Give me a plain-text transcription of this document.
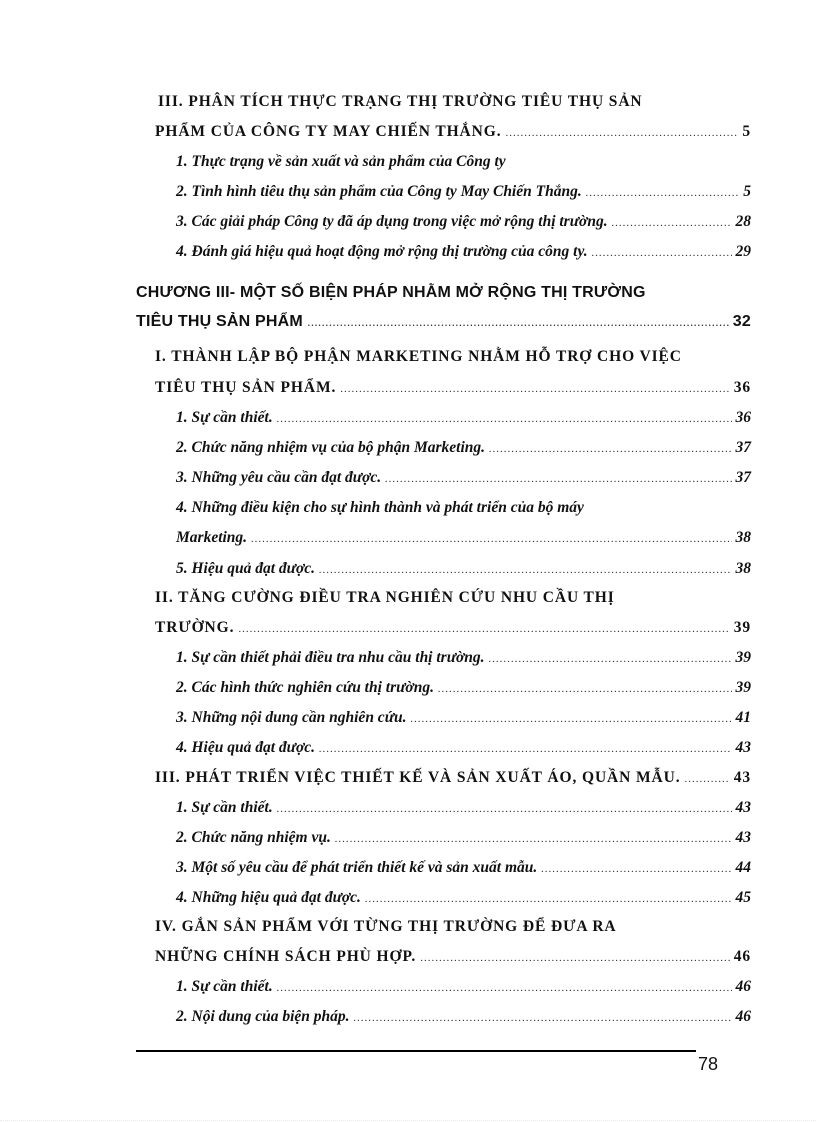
III. PHÂN TÍCH THỰC TRẠNG THỊ TRƯỜNG TIÊU THỤ SẢN
PHẨM CỦA CÔNG TY MAY CHIẾN THẮNG. .....	5
1. Thực trạng về sản xuất và sản phẩm của Công ty
2. Tình hình tiêu thụ sản phẩm của Công ty May Chiến Thắng. .....	5
3. Các giải pháp Công ty đã áp dụng trong việc mở rộng thị trường. .....	28
4. Đánh giá hiệu quả hoạt động mở rộng thị trường của công ty. .....	29
CHƯƠNG III- MỘT SỐ BIỆN PHÁP NHẰM MỞ RỘNG THỊ TRƯỜNG
TIÊU THỤ SẢN PHẨM .....	32
I. THÀNH LẬP BỘ PHẬN MARKETING NHẰM HỖ TRỢ CHO VIỆC
TIÊU THỤ SẢN PHẨM. .....	36
1. Sự cần thiết. .....	36
2. Chức năng nhiệm vụ của bộ phận Marketing. .....	37
3. Những yêu cầu cần đạt được. .....	37
4. Những điều kiện cho sự hình thành và phát triển của bộ máy
Marketing. .....	38
5. Hiệu quả đạt được. .....	38
II. TĂNG CƯỜNG ĐIỀU TRA NGHIÊN CỨU NHU CẦU THỊ
TRƯỜNG. .....	39
1. Sự cần thiết phải điều tra nhu cầu thị trường. .....	39
2. Các hình thức nghiên cứu thị trường. .....	39
3. Những nội dung cần nghiên cứu. .....	41
4. Hiệu quả đạt được. .....	43
III. PHÁT TRIỂN VIỆC THIẾT KẾ VÀ SẢN XUẤT ÁO, QUẦN MẪU. .....	43
1. Sự cần thiết. .....	43
2. Chức năng nhiệm vụ. .....	43
3. Một số yêu cầu để phát triển thiết kế và sản xuất mẫu. .....	44
4. Những hiệu quả đạt được. .....	45
IV. GẮN SẢN PHẨM VỚI TỪNG THỊ TRƯỜNG ĐỂ ĐƯA RA
NHỮNG CHÍNH SÁCH PHÙ HỢP. .....	46
1. Sự cần thiết. .....	46
2. Nội dung của biện pháp. .....	46
78
